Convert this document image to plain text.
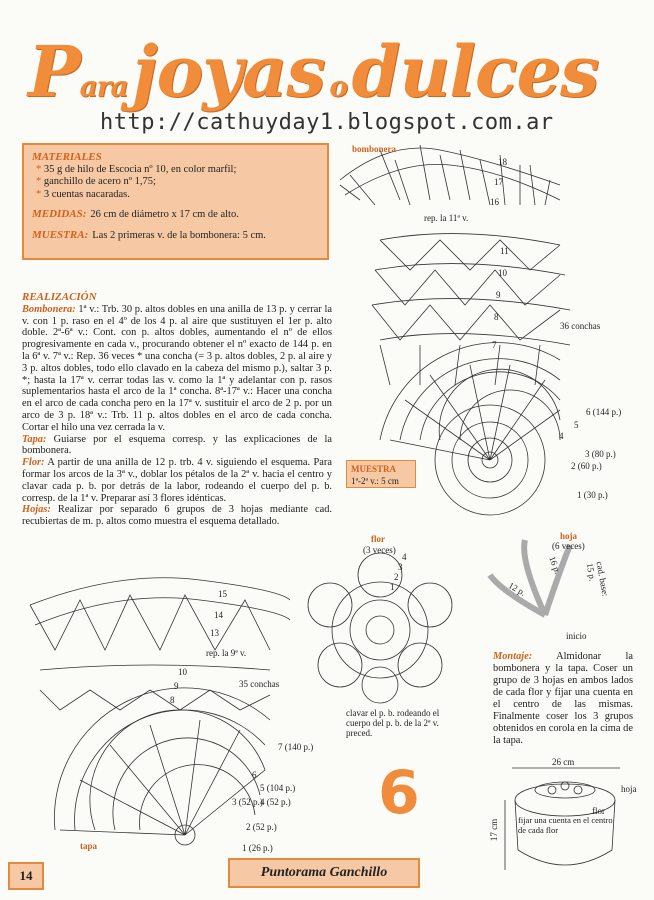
Para joyas o dulces
http://cathuyday1.blogspot.com.ar
MATERIALES
* 35 g de hilo de Escocia nº 10, en color marfil;
* ganchillo de acero nº 1,75;
* 3 cuentas nacaradas.
MEDIDAS: 26 cm de diámetro x 17 cm de alto.
MUESTRA: Las 2 primeras v. de la bombonera: 5 cm.
REALIZACIÓN

Bombonera: 1ª v.: Trb. 30 p. altos dobles en una anilla de 13 p. y cerrar la v. con 1 p. raso en el 4º de los 4 p. al aire que sustituyen el 1er p. alto doble. 2ª-6ª v.: Cont. con p. altos dobles, aumentando el nº de ellos progresivamente en cada v., procurando obtener el nº exacto de 144 p. en la 6ª v. 7ª v.: Rep. 36 veces * una concha (= 3 p. altos dobles, 2 p. al aire y 3 p. altos dobles, todo ello clavado en la cabeza del mismo p.), saltar 3 p. *; hasta la 17ª v. cerrar todas las v. como la 1ª y adelantar con p. rasos suplementarios hasta el arco de la 1ª concha. 8ª-17ª v.: Hacer una concha en el arco de cada concha pero en la 17ª v. sustituir el arco de 2 p. por un arco de 3 p. 18ª v.: Trb. 11 p. altos dobles en el arco de cada concha. Cortar el hilo una vez cerrada la v.

Tapa: Guiarse por el esquema corresp. y las explicaciones de la bombonera.

Flor: A partir de una anilla de 12 p. trb. 4 v. siguiendo el esquema. Para formar los arcos de la 3ª v., doblar los pétalos de la 2ª v. hacia el centro y clavar cada p. b. por detrás de la labor, rodeando el cuerpo del p. b. corresp. de la 1ª v. Preparar así 3 flores idénticas.

Hojas: Realizar por separado 6 grupos de 3 hojas mediante cad. recubiertas de m. p. altos como muestra el esquema detallado.

bombonera
18
17
16
rep. la 11ª v.
11
10
9
8
7
36 conchas
6 (144 p.)
5
4
3 (80 p.)
2 (60 p.)
1 (30 p.)
MUESTRA
1ª-2ª v.: 5 cm
flor
(3 veces)
4
3
2
1
clavar el p. b. rodeando el cuerpo del p. b. de la 2ª v. preced.
hoja
(6 veces)
16 p.
12 p.	cad. base: 15 p.
inicio
rep. la 9ª v.
35 conchas
15
14
13
10
9
8
7 (140 p.)
6
5 (104 p.)
4 (52 p.)
3 (52 p.)
2 (52 p.)
1 (26 p.)
tapa
Montaje: Almidonar la bombonera y la tapa. Coser un grupo de 3 hojas en ambos lados de cada flor y fijar una cuenta en el centro de las mismas. Finalmente coser los 3 grupos obtenidos en corola en la cima de la tapa.
26 cm
17 cm
hoja
flor
fijar una cuenta en el centro de cada flor
6
Puntorama Ganchillo
14
